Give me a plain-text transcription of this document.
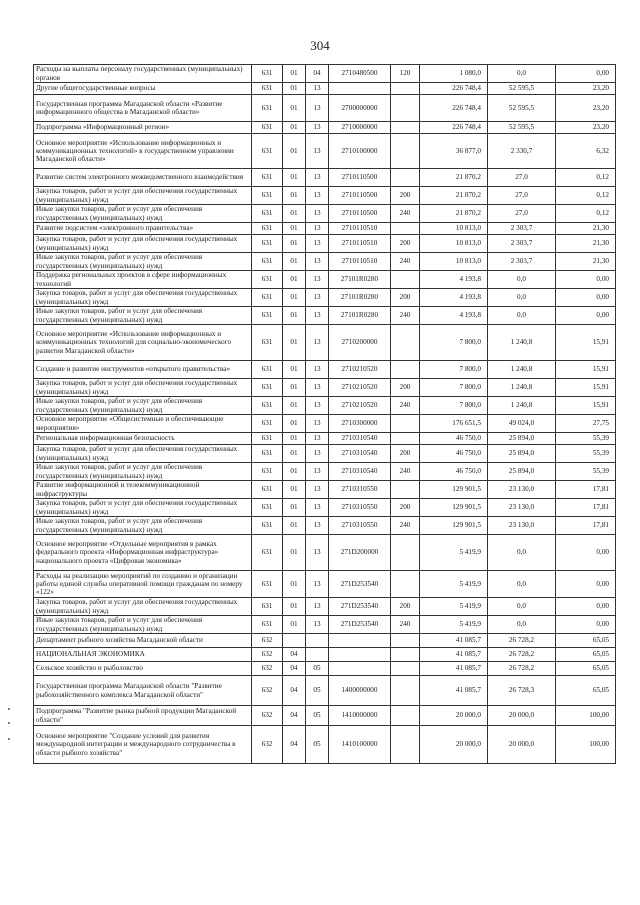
304
Расходы на выплаты персоналу государственных (муниципальных) органов	631	01	04	2710480500	120	1 080,0	0,0	0,00
Другие общегосударственные вопросы	631	01	13			226 748,4	52 595,5	23,20
Государственная программа Магаданской области «Развитие информационного общества в Магаданской области»	631	01	13	2700000000		226 748,4	52 595,5	23,20
Подпрограмма «Информационный регион»	631	01	13	2710000000		226 748,4	52 595,5	23,20
Основное мероприятие «Использование информационных и коммуникационных технологий» в государственном управлении Магаданской области»	631	01	13	2710100000		36 877,0	2 330,7	6,32
Развитие систем электронного межведомственного взаимодействия	631	01	13	2710110500		21 870,2	27,0	0,12
Закупка товаров, работ и услуг для обеспечения государственных (муниципальных) нужд	631	01	13	2710110500	200	21 870,2	27,0	0,12
Иные закупки товаров, работ и услуг для обеспечения государственных (муниципальных) нужд	631	01	13	2710110500	240	21 870,2	27,0	0,12
Развитие подсистем «электронного правительства»	631	01	13	2710110510		10 813,0	2 303,7	21,30
Закупка товаров, работ и услуг для обеспечения государственных (муниципальных) нужд	631	01	13	2710110510	200	10 813,0	2 303,7	21,30
Иные закупки товаров, работ и услуг для обеспечения государственных (муниципальных) нужд	631	01	13	2710110510	240	10 813,0	2 303,7	21,30
Поддержка региональных проектов в сфере информационных технологий	631	01	13	27101R0280		4 193,8	0,0	0,00
Закупка товаров, работ и услуг для обеспечения государственных (муниципальных) нужд	631	01	13	27101R0280	200	4 193,8	0,0	0,00
Иные закупки товаров, работ и услуг для обеспечения государственных (муниципальных) нужд	631	01	13	27101R0280	240	4 193,8	0,0	0,00
Основное мероприятие «Использование информационных и коммуникационных технологий для социально-экономического развития Магаданской области»	631	01	13	2710200000		7 800,0	1 240,8	15,91
Создание и развитие инструментов «открытого правительства»	631	01	13	2710210520		7 800,0	1 240,8	15,91
Закупка товаров, работ и услуг для обеспечения государственных (муниципальных) нужд	631	01	13	2710210520	200	7 800,0	1 240,8	15,91
Иные закупки товаров, работ и услуг для обеспечения государственных (муниципальных) нужд	631	01	13	2710210520	240	7 800,0	1 240,8	15,91
Основное мероприятие «Общесистемные и обеспечивающие мероприятия»	631	01	13	2710300000		176 651,5	49 024,0	27,75
Региональная информационная безопасность	631	01	13	2710310540		46 750,0	25 894,0	55,39
Закупка товаров, работ и услуг для обеспечения государственных (муниципальных) нужд	631	01	13	2710310540	200	46 750,0	25 894,0	55,39
Иные закупки товаров, работ и услуг для обеспечения государственных (муниципальных) нужд	631	01	13	2710310540	240	46 750,0	25 894,0	55,39
Развитие информационной и телекоммуникационной инфраструктуры	631	01	13	2710310550		129 901,5	23 130,0	17,81
Закупка товаров, работ и услуг для обеспечения государственных (муниципальных) нужд	631	01	13	2710310550	200	129 901,5	23 130,0	17,81
Иные закупки товаров, работ и услуг для обеспечения государственных (муниципальных) нужд	631	01	13	2710310550	240	129 901,5	23 130,0	17,81
Основное мероприятие «Отдельные мероприятия в рамках федерального проекта «Информационная инфраструктура» национального проекта «Цифровая экономика»	631	01	13	271D200000		5 419,9	0,0	0,00
Расходы на реализацию мероприятий по созданию и организации работы единой службы оперативной помощи гражданам по номеру «122»	631	01	13	271D253540		5 419,9	0,0	0,00
Закупка товаров, работ и услуг для обеспечения государственных (муниципальных) нужд	631	01	13	271D253540	200	5 419,9	0,0	0,00
Иные закупки товаров, работ и услуг для обеспечения государственных (муниципальных) нужд	631	01	13	271D253540	240	5 419,9	0,0	0,00
Департамент рыбного хозяйства Магаданской области	632					41 085,7	26 728,2	65,05
НАЦИОНАЛЬНАЯ ЭКОНОМИКА	632	04				41 085,7	26 728,2	65,05
Сельское хозяйство и рыболовство	632	04	05			41 085,7	26 728,2	65,05
Государственная программа Магаданской области "Развитие рыбохозяйственного комплекса Магаданской области"	632	04	05	1400000000		41 085,7	26 728,3	65,05
Подпрограмма "Развитие рынка рыбной продукции Магаданской области"	632	04	05	1410000000		20 000,0	20 000,0	100,00
Основное мероприятие "Создание условий для развития международной интеграции и международного сотрудничества в области рыбного хозяйства"	632	04	05	1410100000		20 000,0	20 000,0	100,00
